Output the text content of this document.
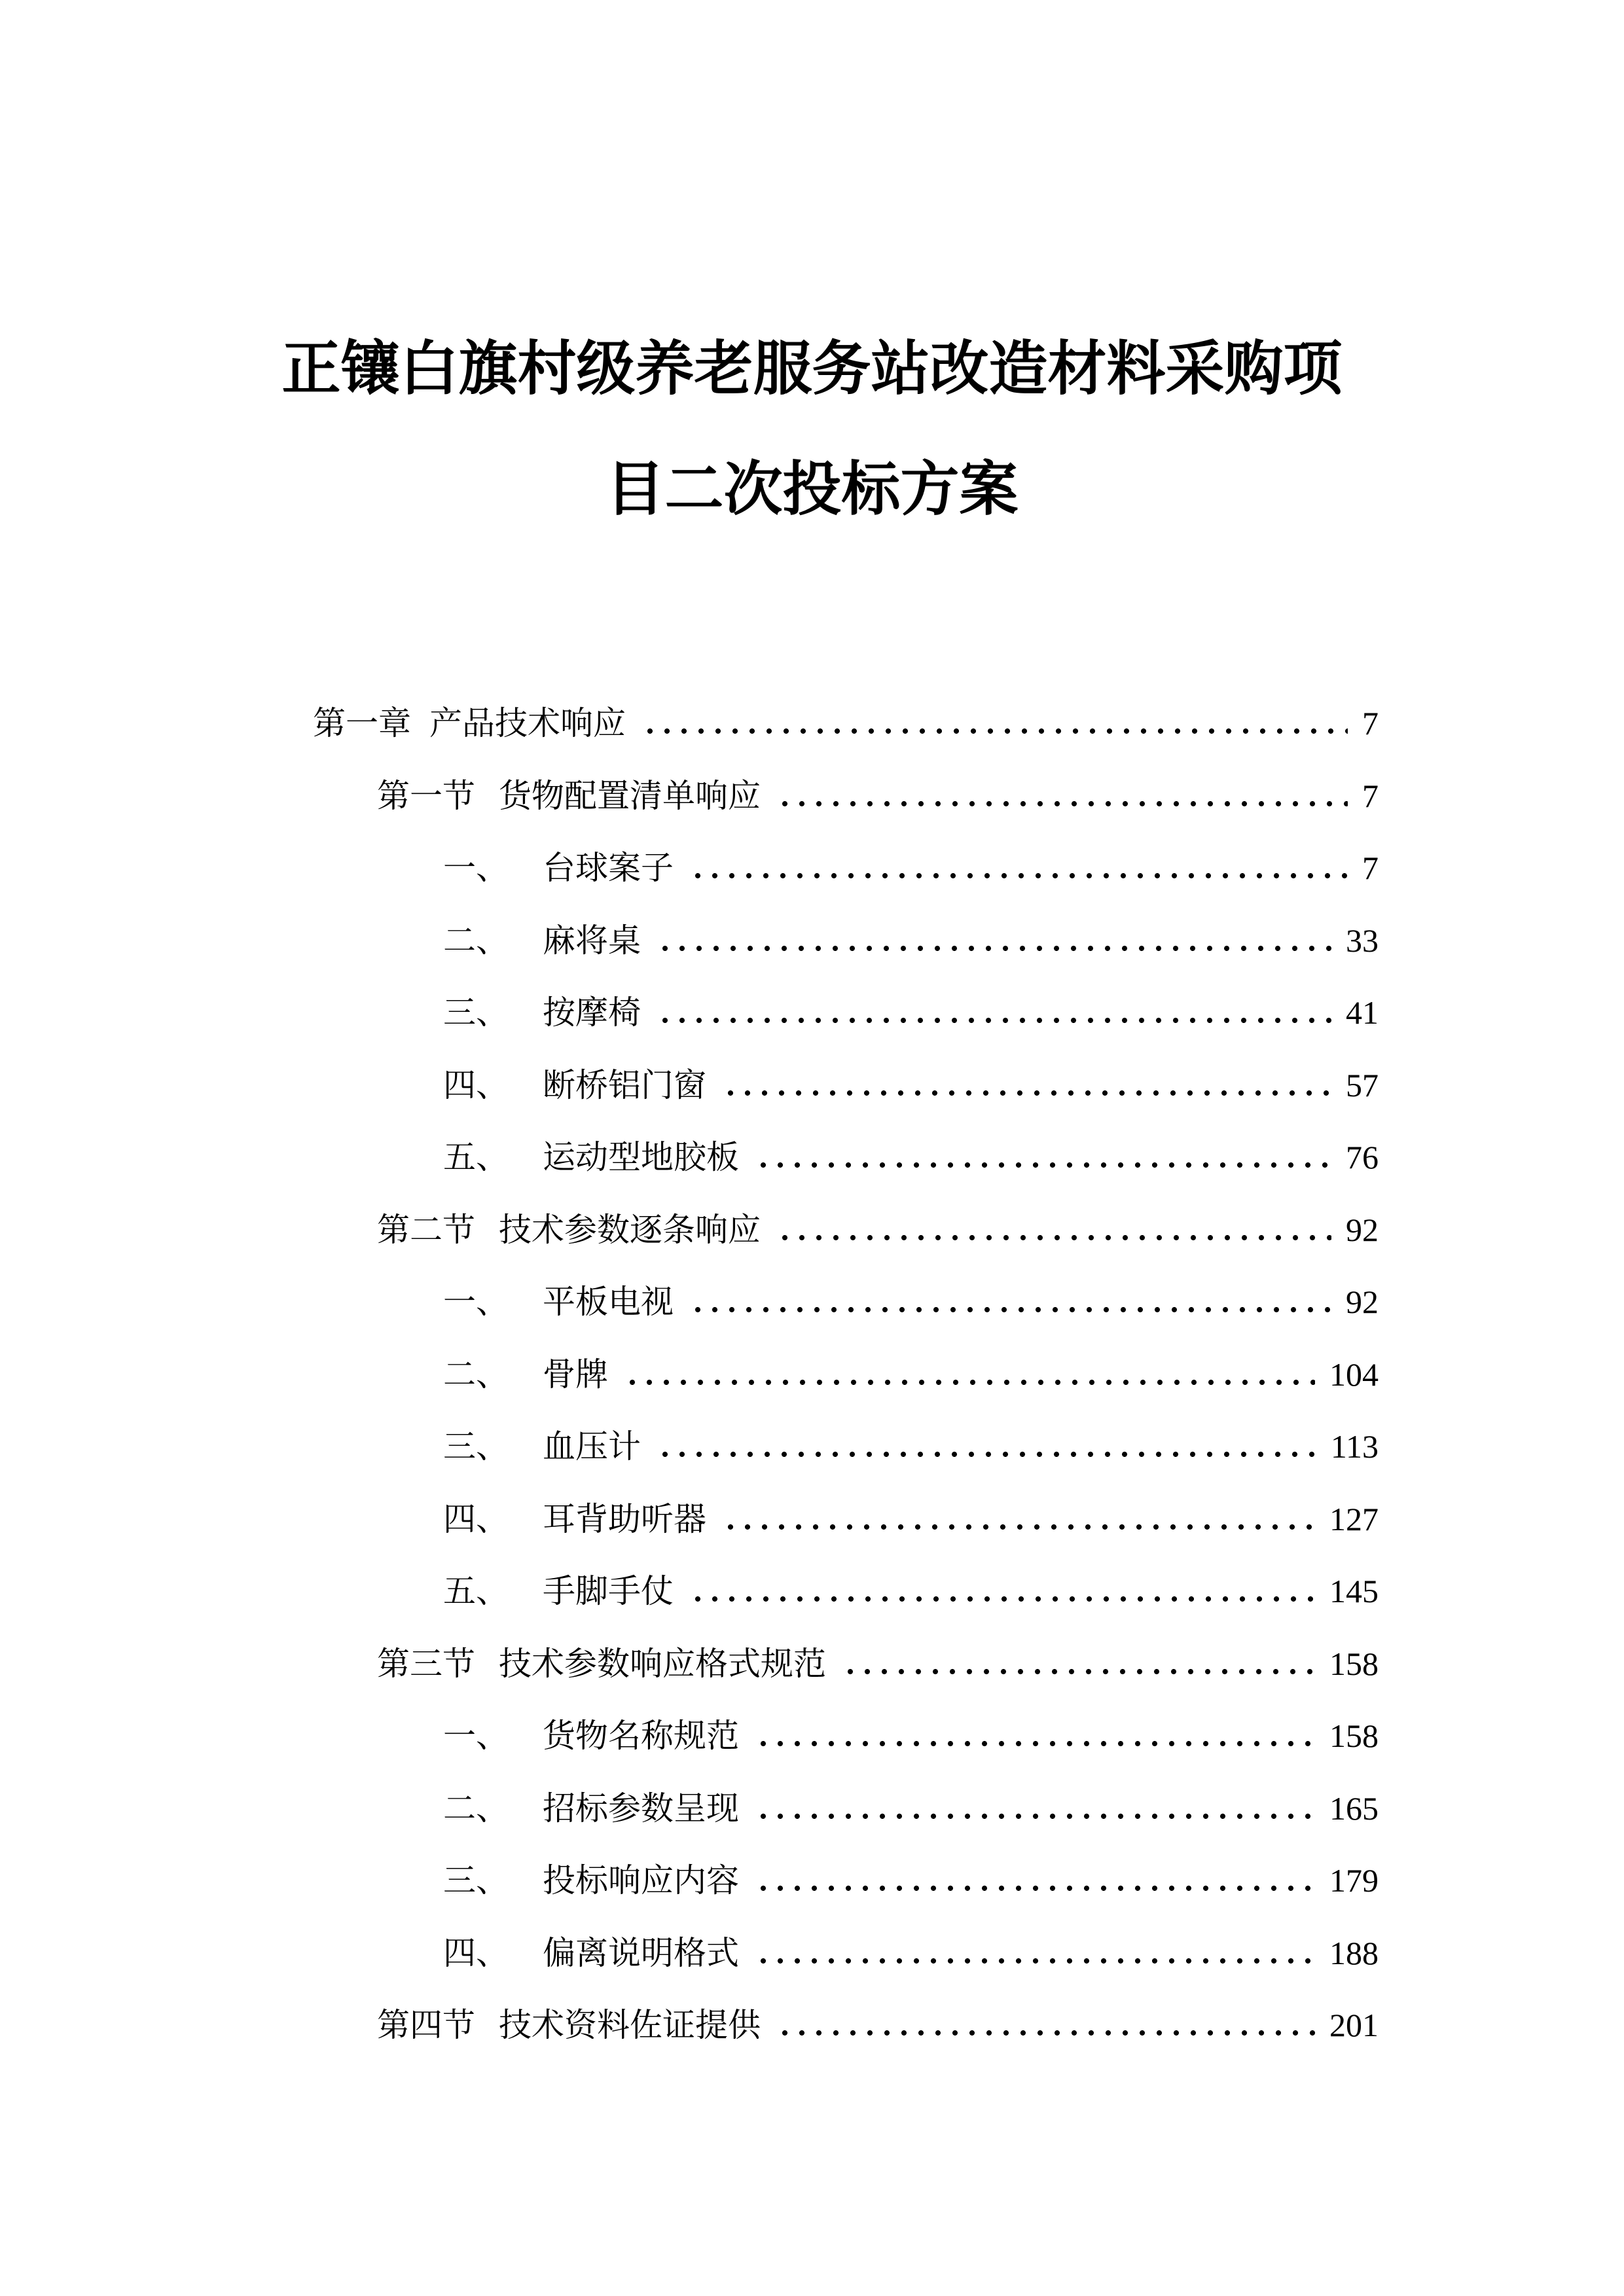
正镶白旗村级养老服务站改造材料采购项
目二次投标方案
第一章 产品技术响应	7
第一节 货物配置清单响应	7
一、 台球案子	7
二、 麻将桌	33
三、 按摩椅	41
四、 断桥铝门窗	57
五、 运动型地胶板	76
第二节 技术参数逐条响应	92
一、 平板电视	92
二、 骨牌	104
三、 血压计	113
四、 耳背助听器	127
五、 手脚手仗	145
第三节 技术参数响应格式规范	158
一、 货物名称规范	158
二、 招标参数呈现	165
三、 投标响应内容	179
四、 偏离说明格式	188
第四节 技术资料佐证提供	201
